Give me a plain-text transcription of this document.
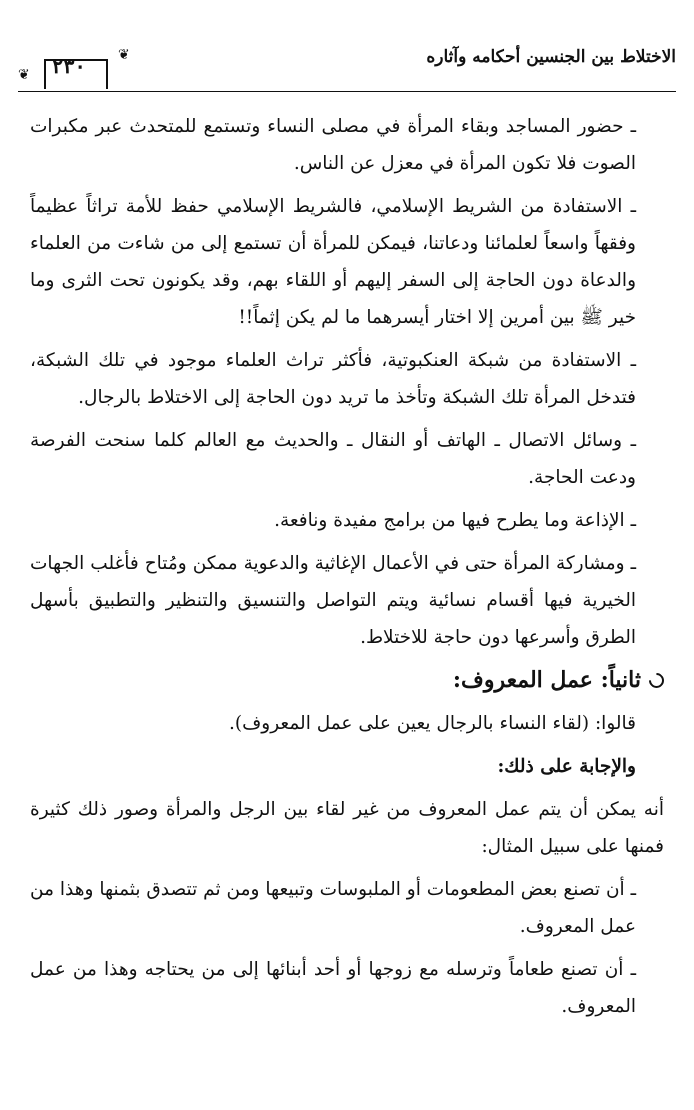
الاختلاط بين الجنسين أحكامه وآثاره
❦ ٢٣٠ ❦

ـ حضور المساجد وبقاء المرأة في مصلى النساء وتستمع للمتحدث عبر مكبرات الصوت فلا تكون المرأة في معزل عن الناس.

ـ الاستفادة من الشريط الإسلامي، فالشريط الإسلامي حفظ للأمة تراثاً عظيماً وفقهاً واسعاً لعلمائنا ودعاتنا، فيمكن للمرأة أن تستمع إلى من شاءت من العلماء والدعاة دون الحاجة إلى السفر إليهم أو اللقاء بهم، وقد يكونون تحت الثرى وما خير ﷺ بين أمرين إلا اختار أيسرهما ما لم يكن إثماً!!

ـ الاستفادة من شبكة العنكبوتية، فأكثر تراث العلماء موجود في تلك الشبكة، فتدخل المرأة تلك الشبكة وتأخذ ما تريد دون الحاجة إلى الاختلاط بالرجال.

ـ وسائل الاتصال ـ الهاتف أو النقال ـ والحديث مع العالم كلما سنحت الفرصة ودعت الحاجة.

ـ الإذاعة وما يطرح فيها من برامج مفيدة ونافعة.

ـ ومشاركة المرأة حتى في الأعمال الإغاثية والدعوية ممكن ومُتاح فأغلب الجهات الخيرية فيها أقسام نسائية ويتم التواصل والتنسيق والتنظير والتطبيق بأسهل الطرق وأسرعها دون حاجة للاختلاط.

ثانياً: عمل المعروف:

قالوا: (لقاء النساء بالرجال يعين على عمل المعروف).

والإجابة على ذلك:

أنه يمكن أن يتم عمل المعروف من غير لقاء بين الرجل والمرأة وصور ذلك كثيرة فمنها على سبيل المثال:

ـ أن تصنع بعض المطعومات أو الملبوسات وتبيعها ومن ثم تتصدق بثمنها وهذا من عمل المعروف.

ـ أن تصنع طعاماً وترسله مع زوجها أو أحد أبنائها إلى من يحتاجه وهذا من عمل المعروف.
